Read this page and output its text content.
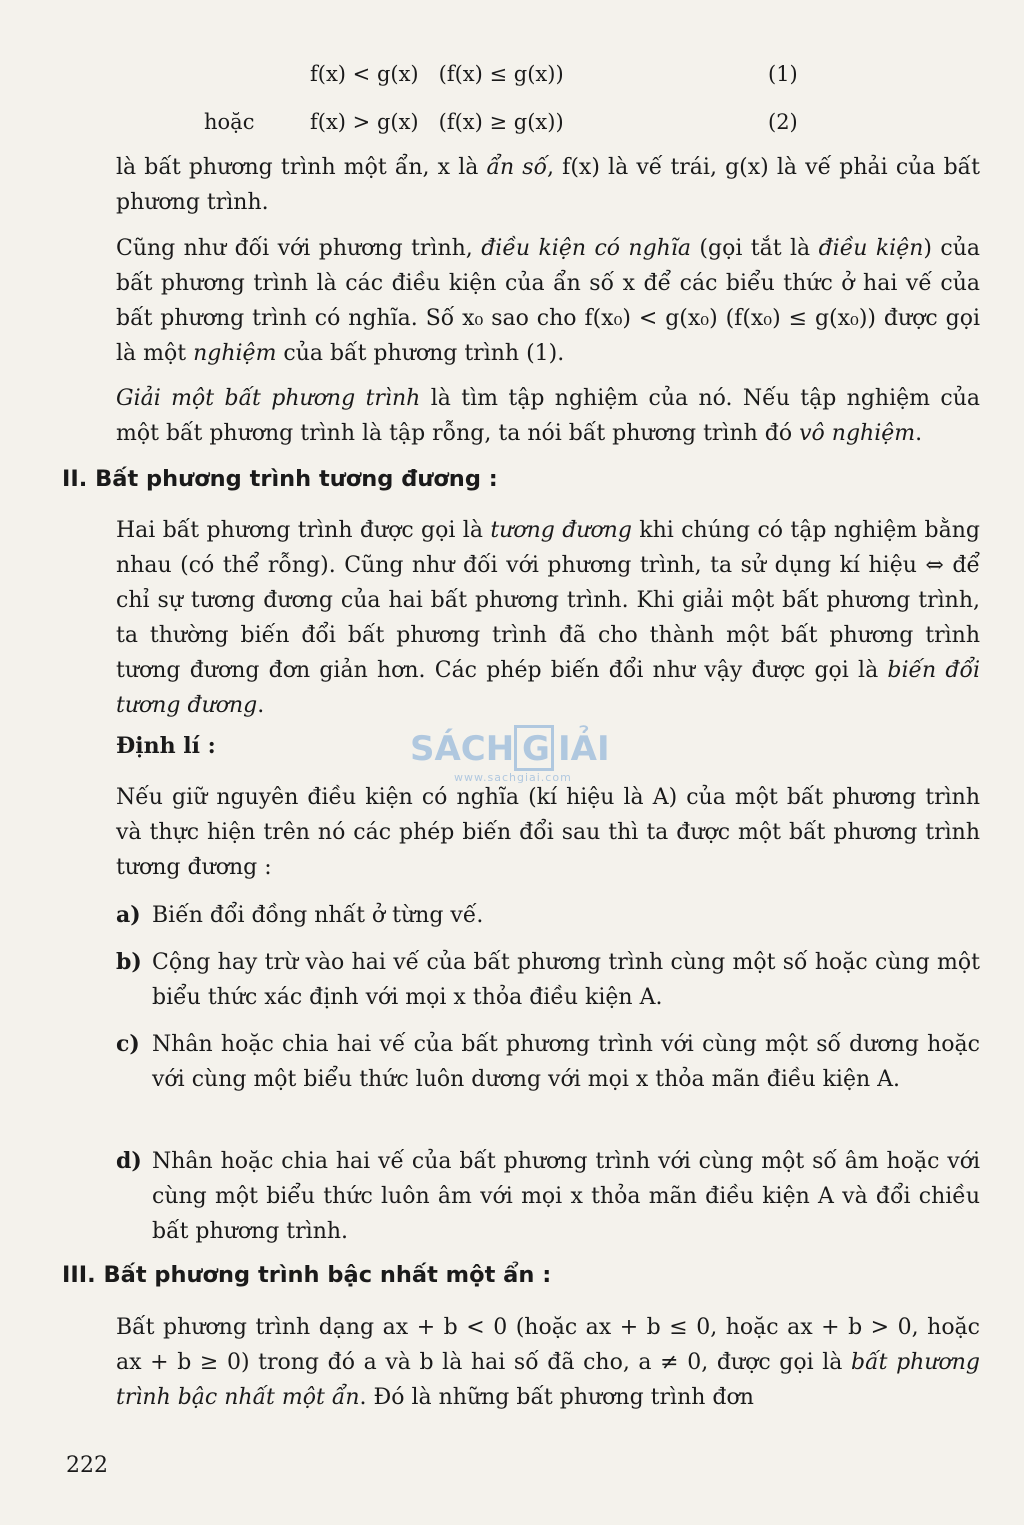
f(x) < g(x)   (f(x) ≤ g(x))	(1)
hoặc	f(x) > g(x)   (f(x) ≥ g(x))	(2)
là bất phương trình một ẩn, x là ẩn số, f(x) là vế trái, g(x) là vế phải của bất phương trình.
Cũng như đối với phương trình, điều kiện có nghĩa (gọi tắt là điều kiện) của bất phương trình là các điều kiện của ẩn số x để các biểu thức ở hai vế của bất phương trình có nghĩa. Số x₀ sao cho f(x₀) < g(x₀) (f(x₀) ≤ g(x₀)) được gọi là một nghiệm của bất phương trình (1).
Giải một bất phương trình là tìm tập nghiệm của nó. Nếu tập nghiệm của một bất phương trình là tập rỗng, ta nói bất phương trình đó vô nghiệm.
II. Bất phương trình tương đương :
Hai bất phương trình được gọi là tương đương khi chúng có tập nghiệm bằng nhau (có thể rỗng). Cũng như đối với phương trình, ta sử dụng kí hiệu ⇔ để chỉ sự tương đương của hai bất phương trình. Khi giải một bất phương trình, ta thường biến đổi bất phương trình đã cho thành một bất phương trình tương đương đơn giản hơn. Các phép biến đổi như vậy được gọi là biến đổi tương đương.
Định lí :
Nếu giữ nguyên điều kiện có nghĩa (kí hiệu là A) của một bất phương trình và thực hiện trên nó các phép biến đổi sau thì ta được một bất phương trình tương đương :
a) Biến đổi đồng nhất ở từng vế.
b) Cộng hay trừ vào hai vế của bất phương trình cùng một số hoặc cùng một biểu thức xác định với mọi x thỏa điều kiện A.
c) Nhân hoặc chia hai vế của bất phương trình với cùng một số dương hoặc với cùng một biểu thức luôn dương với mọi x thỏa mãn điều kiện A.
d) Nhân hoặc chia hai vế của bất phương trình với cùng một số âm hoặc với cùng một biểu thức luôn âm với mọi x thỏa mãn điều kiện A và đổi chiều bất phương trình.
III. Bất phương trình bậc nhất một ẩn :
Bất phương trình dạng ax + b < 0 (hoặc ax + b ≤ 0, hoặc ax + b > 0, hoặc ax + b ≥ 0) trong đó a và b là hai số đã cho, a ≠ 0, được gọi là bất phương trình bậc nhất một ẩn. Đó là những bất phương trình đơn
SÁCH G IẢI
www.sachgiai.com
222
